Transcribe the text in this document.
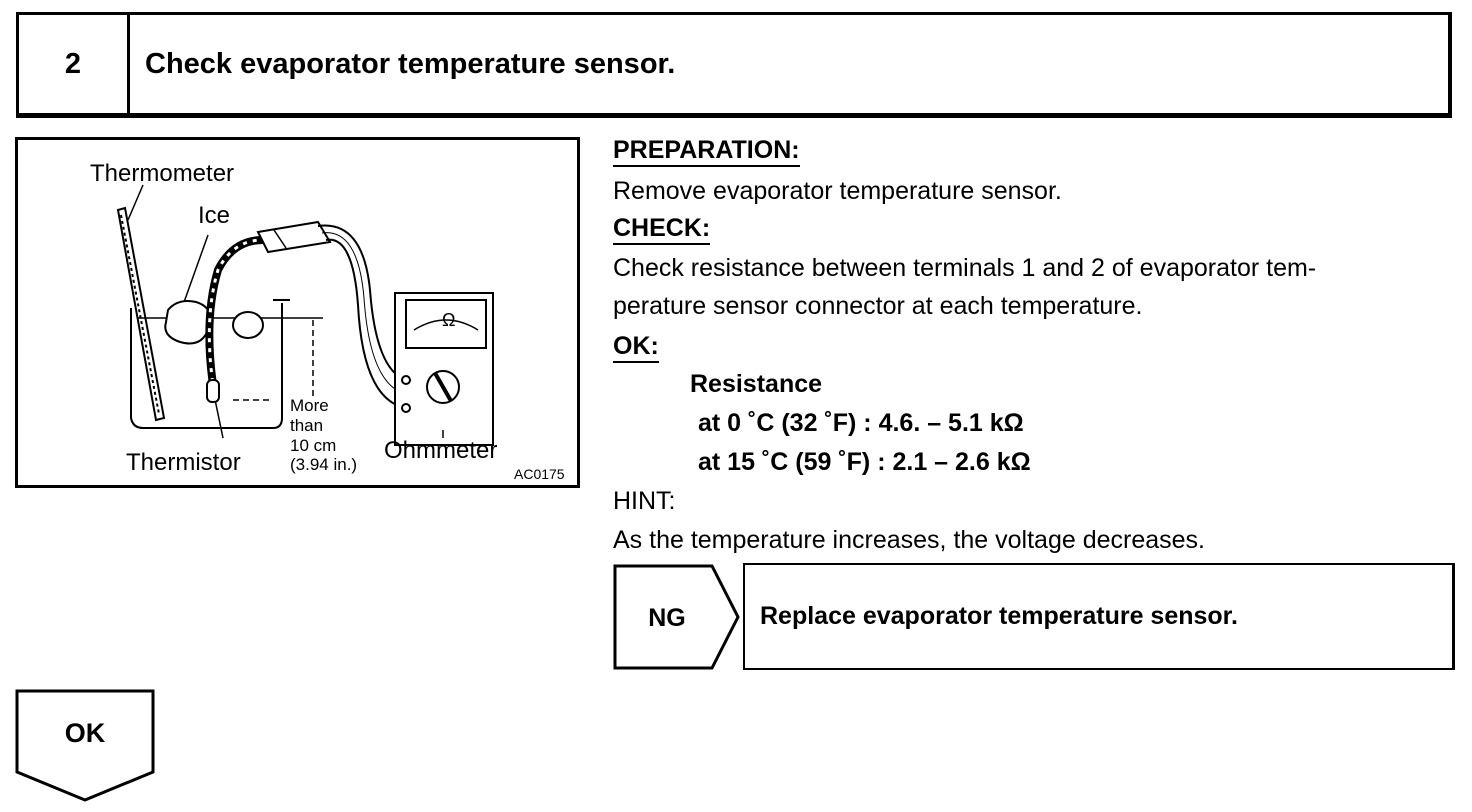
2	Check evaporator temperature sensor.
Thermometer
Ice
Ω
More
than
10 cm
(3.94 in.)
Thermistor	Ohmmeter
AC0175
PREPARATION:
Remove evaporator temperature sensor.
CHECK:
Check resistance between terminals 1 and 2 of evaporator tem-
perature sensor connector at each temperature.
OK:
Resistance
at 0 ˚C (32 ˚F) : 4.6. – 5.1 kΩ
at 15 ˚C (59 ˚F) : 2.1 – 2.6 kΩ
HINT:
As the temperature increases, the voltage decreases.
NG	Replace evaporator temperature sensor.
OK
